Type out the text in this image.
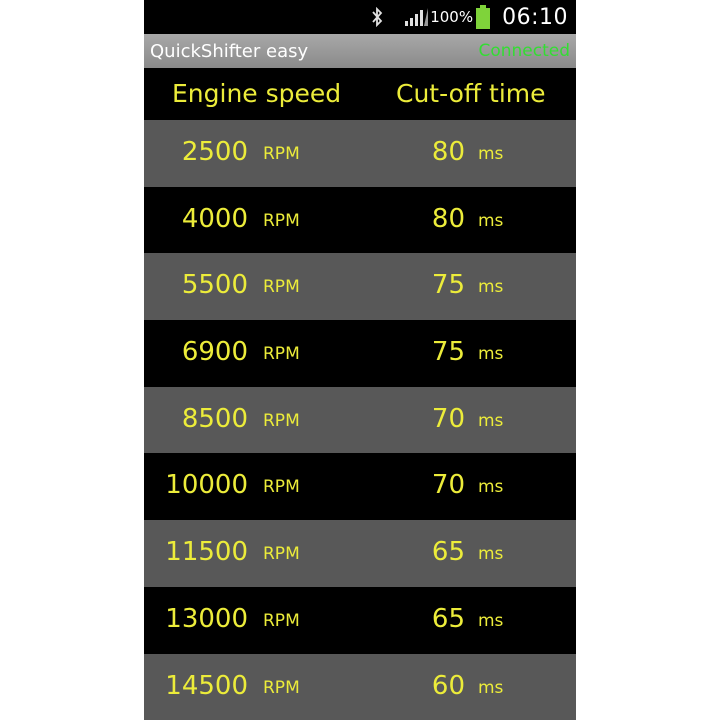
100% 06:10
QuickShifter easy	Connected
Engine speed Cut-off time
2500 RPM	80 ms
4000 RPM	80 ms
5500 RPM	75 ms
6900 RPM	75 ms
8500 RPM	70 ms
10000 RPM	70 ms
11500 RPM	65 ms
13000 RPM	65 ms
14500 RPM	60 ms
